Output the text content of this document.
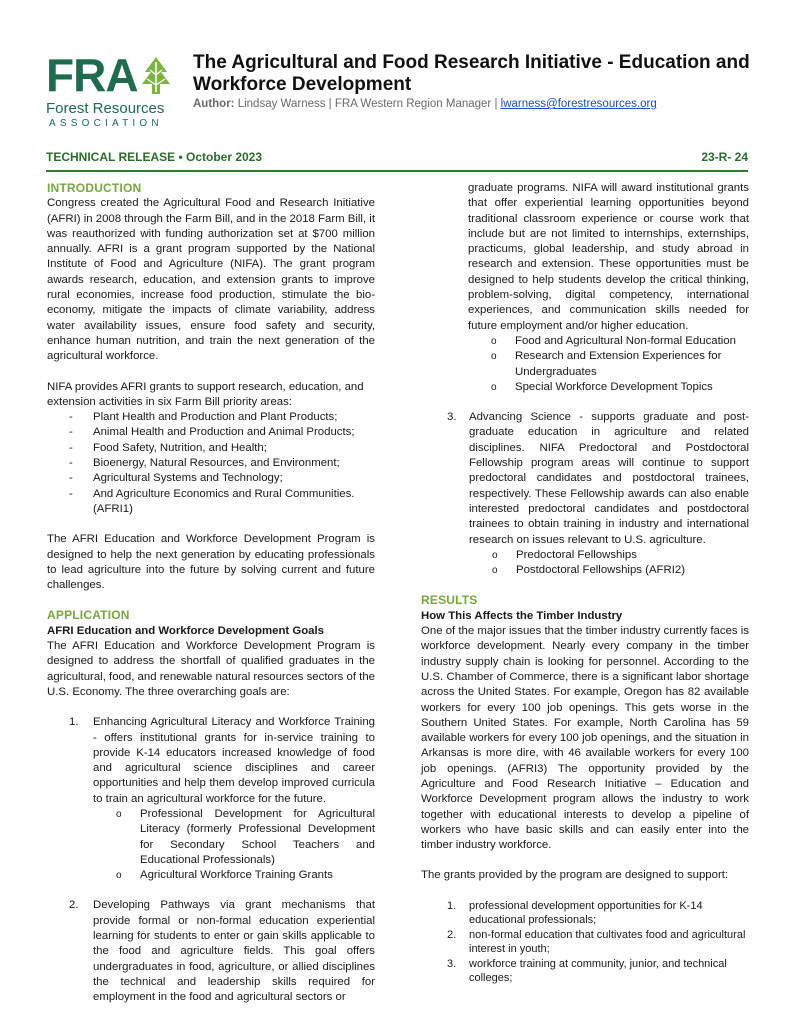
FRA
Forest Resources
ASSOCIATION
The Agricultural and Food Research Initiative - Education and Workforce Development
Author: Lindsay Warness | FRA Western Region Manager | lwarness@forestresources.org
TECHNICAL RELEASE • October 2023	23-R- 24
INTRODUCTION

Congress created the Agricultural Food and Research Initiative (AFRI) in 2008 through the Farm Bill, and in the 2018 Farm Bill, it was reauthorized with funding authorization set at $700 million annually. AFRI is a grant program supported by the National Institute of Food and Agriculture (NIFA). The grant program awards research, education, and extension grants to improve rural economies, increase food production, stimulate the bio-economy, mitigate the impacts of climate variability, address water availability issues, ensure food safety and security, enhance human nutrition, and train the next generation of the agricultural workforce.

NIFA provides AFRI grants to support research, education, and extension activities in six Farm Bill priority areas:

- Plant Health and Production and Plant Products;
- Animal Health and Production and Animal Products;
- Food Safety, Nutrition, and Health;
- Bioenergy, Natural Resources, and Environment;
- Agricultural Systems and Technology;
- And Agriculture Economics and Rural Communities. (AFRI1)

The AFRI Education and Workforce Development Program is designed to help the next generation by educating professionals to lead agriculture into the future by solving current and future challenges.

APPLICATION
AFRI Education and Workforce Development Goals

The AFRI Education and Workforce Development Program is designed to address the shortfall of qualified graduates in the agricultural, food, and renewable natural resources sectors of the U.S. Economy. The three overarching goals are:

1. Enhancing Agricultural Literacy and Workforce Training - offers institutional grants for in-service training to provide K-14 educators increased knowledge of food and agricultural science disciplines and career opportunities and help them develop improved curricula to train an agricultural workforce for the future.

o Professional Development for Agricultural Literacy (formerly Professional Development for Secondary School Teachers and Educational Professionals)
o Agricultural Workforce Training Grants
2. Developing Pathways via grant mechanisms that provide formal or non-formal education experiential learning for students to enter or gain skills applicable to the food and agriculture fields. This goal offers undergraduates in food, agriculture, or allied disciplines the technical and leadership skills required for employment in the food and agricultural sectors or

graduate programs. NIFA will award institutional grants that offer experiential learning opportunities beyond traditional classroom experience or course work that include but are not limited to internships, externships, practicums, global leadership, and study abroad in research and extension. These opportunities must be designed to help students develop the critical thinking, problem-solving, digital competency, international experiences, and communication skills needed for future employment and/or higher education.

o Food and Agricultural Non-formal Education
o Research and Extension Experiences for Undergraduates
o Special Workforce Development Topics
3. Advancing Science - supports graduate and post-graduate education in agriculture and related disciplines. NIFA Predoctoral and Postdoctoral Fellowship program areas will continue to support predoctoral candidates and postdoctoral trainees, respectively. These Fellowship awards can also enable interested predoctoral candidates and postdoctoral trainees to obtain training in industry and international research on issues relevant to U.S. agriculture.

o Predoctoral Fellowships
o Postdoctoral Fellowships (AFRI2)
RESULTS
How This Affects the Timber Industry

One of the major issues that the timber industry currently faces is workforce development. Nearly every company in the timber industry supply chain is looking for personnel. According to the U.S. Chamber of Commerce, there is a significant labor shortage across the United States. For example, Oregon has 82 available workers for every 100 job openings. This gets worse in the Southern United States. For example, North Carolina has 59 available workers for every 100 job openings, and the situation in Arkansas is more dire, with 46 available workers for every 100 job openings. (AFRI3) The opportunity provided by the Agriculture and Food Research Initiative – Education and Workforce Development program allows the industry to work together with educational interests to develop a pipeline of workers who have basic skills and can easily enter into the timber industry workforce.

The grants provided by the program are designed to support:

1. professional development opportunities for K-14 educational professionals;
2. non-formal education that cultivates food and agricultural interest in youth;
3. workforce training at community, junior, and technical colleges;
